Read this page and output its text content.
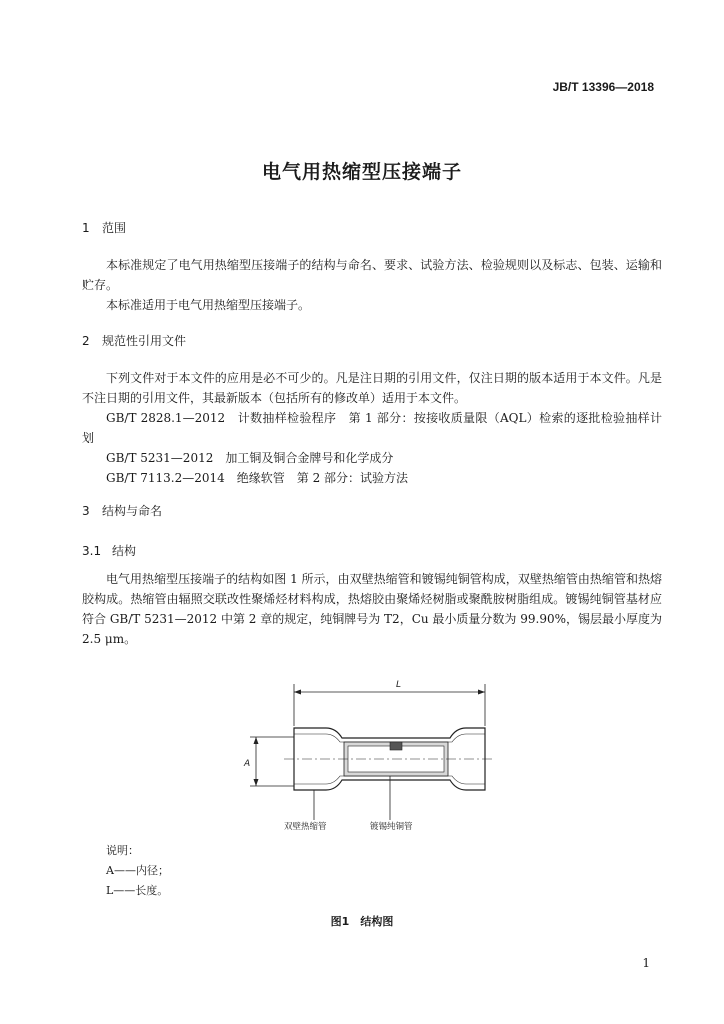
JB/T 13396—2018
电气用热缩型压接端子
1 范围

本标准规定了电气用热缩型压接端子的结构与命名、要求、试验方法、检验规则以及标志、包装、运输和贮存。

本标准适用于电气用热缩型压接端子。

2 规范性引用文件

下列文件对于本文件的应用是必不可少的。凡是注日期的引用文件，仅注日期的版本适用于本文件。凡是不注日期的引用文件，其最新版本（包括所有的修改单）适用于本文件。

GB/T 2828.1—2012　计数抽样检验程序　第 1 部分：按接收质量限（AQL）检索的逐批检验抽样计划

GB/T 5231—2012　加工铜及铜合金牌号和化学成分

GB/T 7113.2—2014　绝缘软管　第 2 部分：试验方法

3 结构与命名
3.1 结构

电气用热缩型压接端子的结构如图 1 所示，由双壁热缩管和镀锡纯铜管构成，双壁热缩管由热缩管和热熔胶构成。热缩管由辐照交联改性聚烯烃材料构成，热熔胶由聚烯烃树脂或聚酰胺树脂组成。镀锡纯铜管基材应符合 GB/T 5231—2012 中第 2 章的规定，纯铜牌号为 T2，Cu 最小质量分数为 99.90%，锡层最小厚度为 2.5 μm。

L
A
双壁热缩管	镀锡纯铜管
说明：
A——内径；
L——长度。
图1　结构图
1
